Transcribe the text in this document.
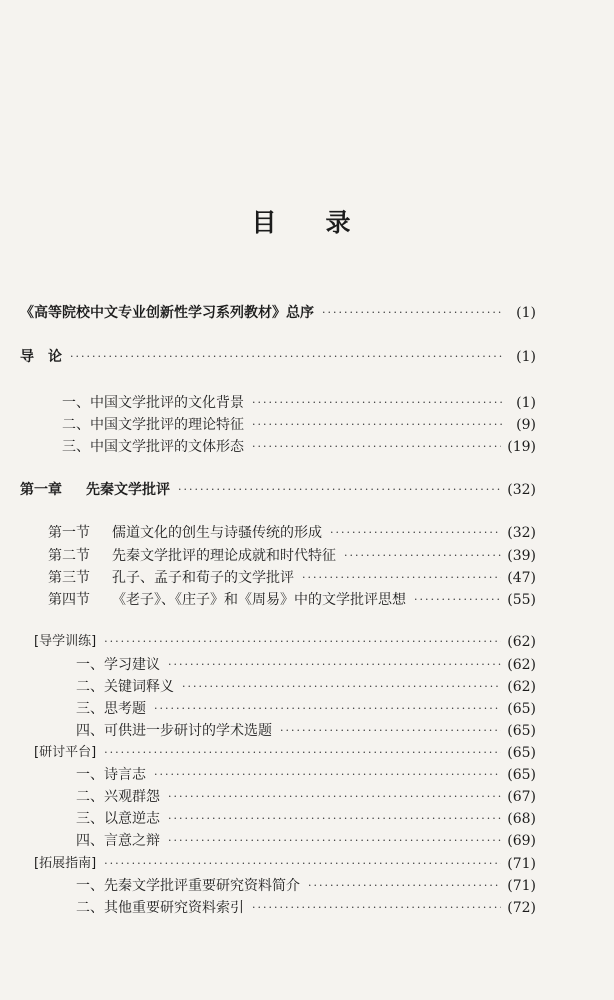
目　录
《高等院校中文专业创新性学习系列教材》总序 ·····	(1)
导　论 ·····	(1)
一、中国文学批评的文化背景 ·····	(1)
二、中国文学批评的理论特征 ·····	(9)
三、中国文学批评的文体形态 ·····	(19)
第一章 先秦文学批评 ·····	(32)
第一节 儒道文化的创生与诗骚传统的形成 ·····	(32)
第二节 先秦文学批评的理论成就和时代特征 ·····	(39)
第三节 孔子、孟子和荀子的文学批评 ·····	(47)
第四节 《老子》、《庄子》和《周易》中的文学批评思想 ·····	(55)
[导学训练] ·····	(62)
一、学习建议 ·····	(62)
二、关键词释义 ·····	(62)
三、思考题 ·····	(65)
四、可供进一步研讨的学术选题 ·····	(65)
[研讨平台] ·····	(65)
一、诗言志 ·····	(65)
二、兴观群怨 ·····	(67)
三、以意逆志 ·····	(68)
四、言意之辩 ·····	(69)
[拓展指南] ·····	(71)
一、先秦文学批评重要研究资料简介 ·····	(71)
二、其他重要研究资料索引 ·····	(72)
